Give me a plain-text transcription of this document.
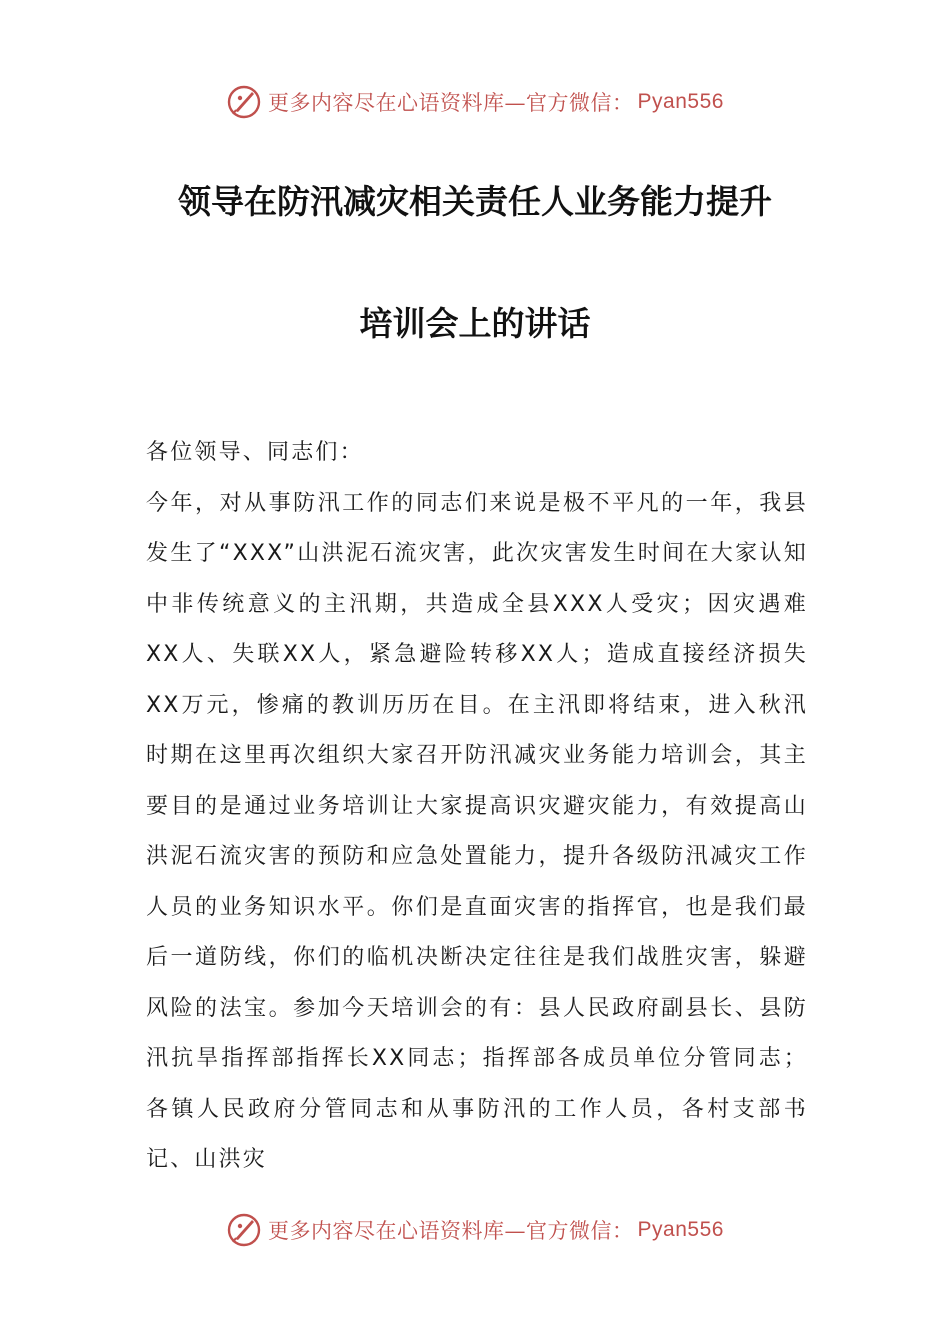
更多内容尽在心语资料库—官方微信： Pyan556
领导在防汛减灾相关责任人业务能力提升
培训会上的讲话

各位领导、同志们：

今年，对从事防汛工作的同志们来说是极不平凡的一年，我县发生了“XXX”山洪泥石流灾害，此次灾害发生时间在大家认知中非传统意义的主汛期，共造成全县XXX人受灾；因灾遇难XX人、失联XX人，紧急避险转移XX人；造成直接经济损失XX万元，惨痛的教训历历在目。在主汛即将结束，进入秋汛时期在这里再次组织大家召开防汛减灾业务能力培训会，其主要目的是通过业务培训让大家提高识灾避灾能力，有效提高山洪泥石流灾害的预防和应急处置能力，提升各级防汛减灾工作人员的业务知识水平。你们是直面灾害的指挥官，也是我们最后一道防线，你们的临机决断决定往往是我们战胜灾害，躲避风险的法宝。参加今天培训会的有：县人民政府副县长、县防汛抗旱指挥部指挥长XX同志；指挥部各成员单位分管同志；各镇人民政府分管同志和从事防汛的工作人员，各村支部书记、山洪灾

更多内容尽在心语资料库—官方微信： Pyan556
